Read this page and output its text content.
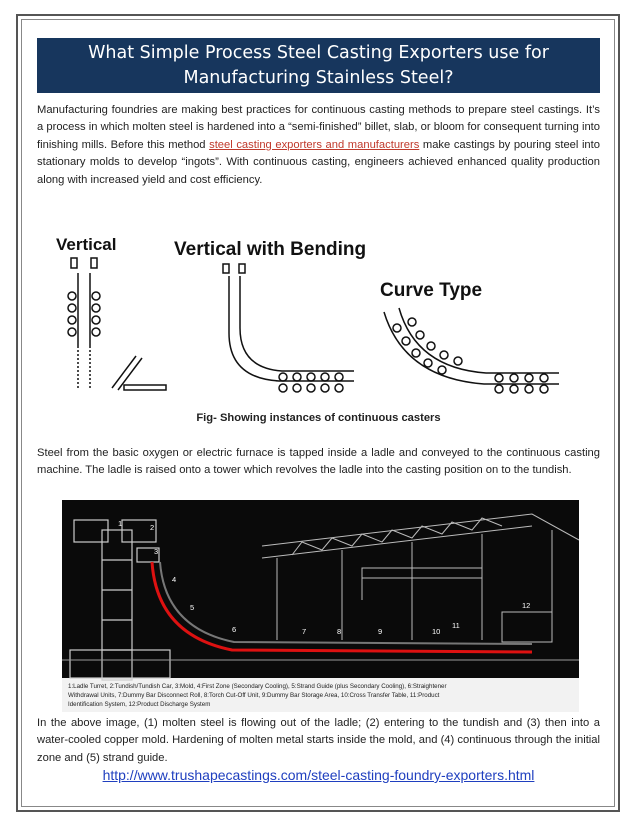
What Simple Process Steel Casting Exporters use for Manufacturing Stainless Steel?

Manufacturing foundries are making best practices for continuous casting methods to prepare steel castings. It’s a process in which molten steel is hardened into a “semi-finished” billet, slab, or bloom for consequent turning into finishing mills. Before this method steel casting exporters and manufacturers make castings by pouring steel into stationary molds to develop “ingots”. With continuous casting, engineers achieved enhanced quality production along with increased yield and cost efficiency.

Vertical	Vertical with Bending
Curve Type
Fig- Showing instances of continuous casters

Steel from the basic oxygen or electric furnace is tapped inside a ladle and conveyed to the continuous casting machine. The ladle is raised onto a tower which revolves the ladle into the casting position on to the tundish.

1	2
3
4
5
6	7	8	9	10
11
12
1:Ladle Turret, 2:Tundish/Tundish Car, 3:Mold, 4:First Zone (Secondary Cooling), 5:Strand Guide (plus Secondary Cooling), 6:Straightener
Withdrawal Units, 7:Dummy Bar Disconnect Roll, 8:Torch Cut-Off Unit, 9:Dummy Bar Storage Area, 10:Cross Transfer Table, 11:Product
Identification System, 12:Product Discharge System

In the above image, (1) molten steel is flowing out of the ladle; (2) entering to the tundish and (3) then into a water-cooled copper mold. Hardening of molten metal starts inside the mold, and (4) continuous through the initial zone and (5) strand guide.

http://www.trushapecastings.com/steel-casting-foundry-exporters.html
